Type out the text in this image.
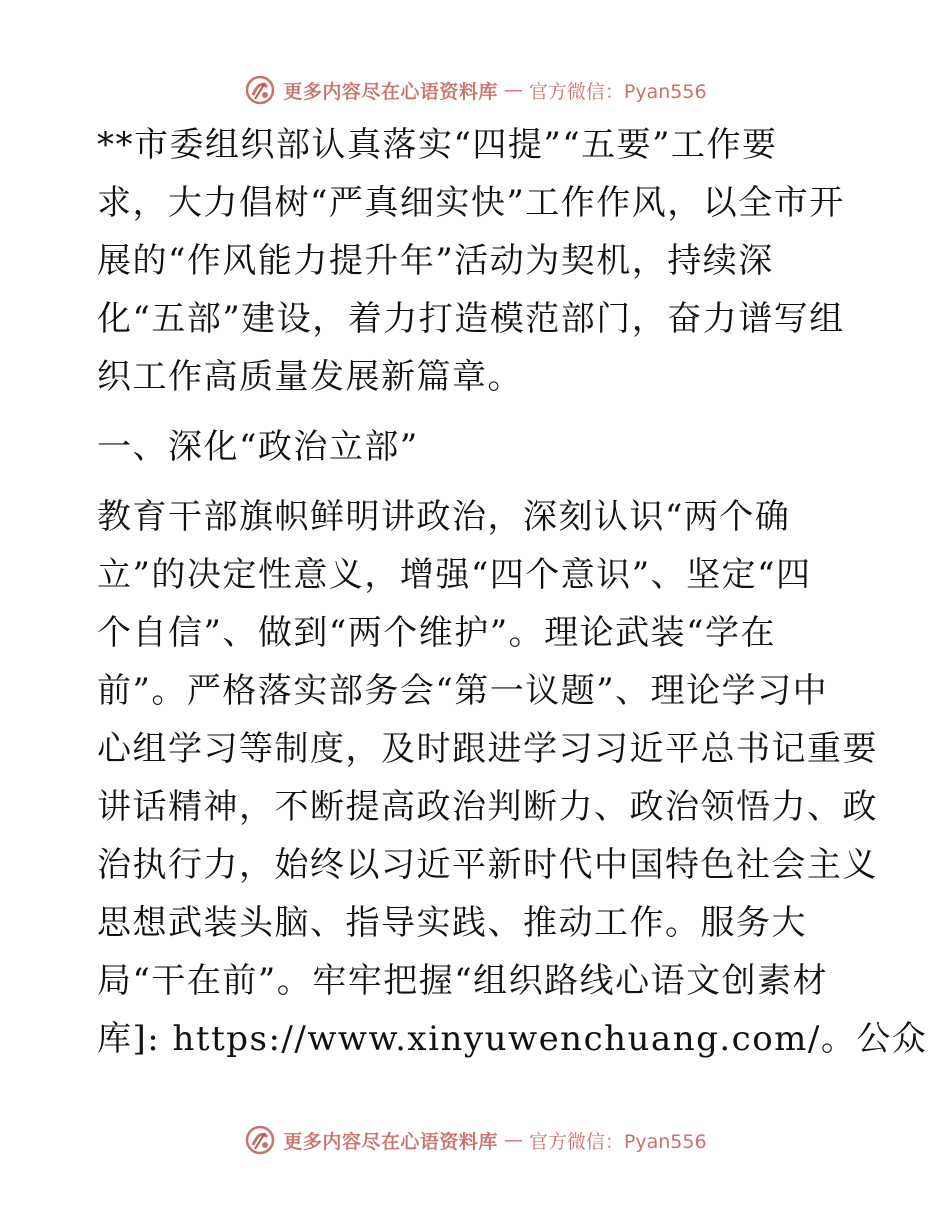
更多内容尽在心语资料库 — 官方微信：Pyan556
**市委组织部认真落实“四提”“五要”工作要
求，大力倡树“严真细实快”工作作风，以全市开
展的“作风能力提升年”活动为契机，持续深
化“五部”建设，着力打造模范部门，奋力谱写组
织工作高质量发展新篇章。
一、深化“政治立部”
教育干部旗帜鲜明讲政治，深刻认识“两个确
立”的决定性意义，增强“四个意识”、坚定“四
个自信”、做到“两个维护”。理论武装“学在
前”。严格落实部务会“第一议题”、理论学习中
心组学习等制度，及时跟进学习习近平总书记重要
讲话精神，不断提高政治判断力、政治领悟力、政
治执行力，始终以习近平新时代中国特色社会主义
思想武装头脑、指导实践、推动工作。服务大
局“干在前”。牢牢把握“组织路线心语文创素材
库]: https://www.xinyuwenchuang.com/。公众
更多内容尽在心语资料库 — 官方微信：Pyan556
